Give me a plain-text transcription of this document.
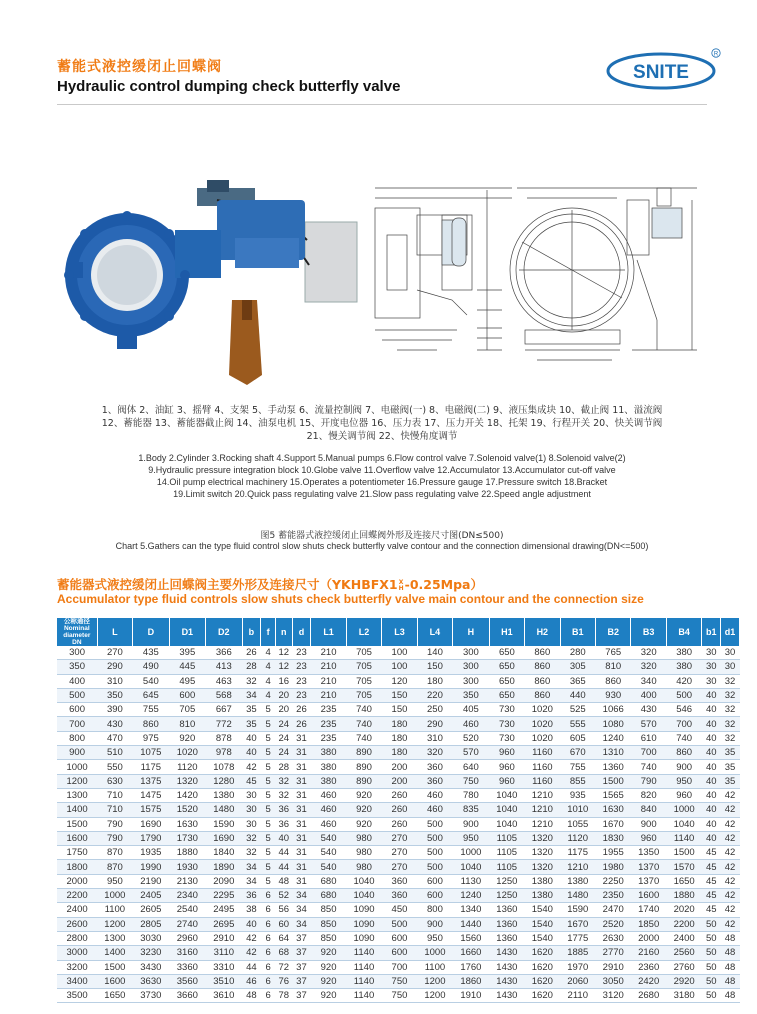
蓄能式液控缓闭止回蝶阀
Hydraulic control dumping check butterfly valve
SNITE
R
1、阀体 2、油缸 3、摇臂 4、支架 5、手动泵 6、流量控制阀 7、电磁阀(一) 8、电磁阀(二) 9、液压集成块 10、截止阀 11、溢流阀
12、蓄能器 13、蓄能器截止阀 14、油泵电机 15、开度电位器 16、压力表 17、压力开关 18、托架 19、行程开关 20、快关调节阀
21、慢关调节阀 22、快慢角度调节
1.Body 2.Cylinder 3.Rocking shaft 4.Support 5.Manual pumps 6.Flow control valve 7.Solenoid valve(1) 8.Solenoid valve(2)
9.Hydraulic pressure integration block 10.Globe valve 11.Overflow valve 12.Accumulator 13.Accumulator cut-off valve
14.Oil pump electrical machinery 15.Operates a potentiometer 16.Pressure gauge 17.Pressure switch 18.Bracket
19.Limit switch 20.Quick pass regulating valve 21.Slow pass regulating valve 22.Speed angle adjustment
图5 蓄能器式液控缓闭止回蝶阀外形及连接尺寸图(DN≤500)
Chart 5.Gathers can the type fluid control slow shuts check butterfly valve contour and the connection dimensional drawing(DN<=500)
蓄能器式液控缓闭止回蝶阀主要外形及连接尺寸（YKHBFX1 X
H -0.25Mpa）
Accumulator type fluid controls slow shuts check butterfly valve main contour and the connection size
公称通径
Nominal
diameter
DN	L	D	D1	D2	b	f	n	d	L1	L2	L3	L4	H	H1	H2	B1	B2	B3	B4	b1	d1
300	270	435	395	366	26	4	12	23	210	705	100	140	300	650	860	280	765	320	380	30	30
350	290	490	445	413	28	4	12	23	210	705	100	150	300	650	860	305	810	320	380	30	30
400	310	540	495	463	32	4	16	23	210	705	120	180	300	650	860	365	860	340	420	30	32
500	350	645	600	568	34	4	20	23	210	705	150	220	350	650	860	440	930	400	500	40	32
600	390	755	705	667	35	5	20	26	235	740	150	250	405	730	1020	525	1066	430	546	40	32
700	430	860	810	772	35	5	24	26	235	740	180	290	460	730	1020	555	1080	570	700	40	32
800	470	975	920	878	40	5	24	31	235	740	180	310	520	730	1020	605	1240	610	740	40	32
900	510	1075	1020	978	40	5	24	31	380	890	180	320	570	960	1160	670	1310	700	860	40	35
1000	550	1175	1120	1078	42	5	28	31	380	890	200	360	640	960	1160	755	1360	740	900	40	35
1200	630	1375	1320	1280	45	5	32	31	380	890	200	360	750	960	1160	855	1500	790	950	40	35
1300	710	1475	1420	1380	30	5	32	31	460	920	260	460	780	1040	1210	935	1565	820	960	40	42
1400	710	1575	1520	1480	30	5	36	31	460	920	260	460	835	1040	1210	1010	1630	840	1000	40	42
1500	790	1690	1630	1590	30	5	36	31	460	920	260	500	900	1040	1210	1055	1670	900	1040	40	42
1600	790	1790	1730	1690	32	5	40	31	540	980	270	500	950	1105	1320	1120	1830	960	1140	40	42
1750	870	1935	1880	1840	32	5	44	31	540	980	270	500	1000	1105	1320	1175	1955	1350	1500	45	42
1800	870	1990	1930	1890	34	5	44	31	540	980	270	500	1040	1105	1320	1210	1980	1370	1570	45	42
2000	950	2190	2130	2090	34	5	48	31	680	1040	360	600	1130	1250	1380	1380	2250	1370	1650	45	42
2200	1000	2405	2340	2295	36	6	52	34	680	1040	360	600	1240	1250	1380	1480	2350	1600	1880	45	42
2400	1100	2605	2540	2495	38	6	56	34	850	1090	450	800	1340	1360	1540	1590	2470	1740	2020	45	42
2600	1200	2805	2740	2695	40	6	60	34	850	1090	500	900	1440	1360	1540	1670	2520	1850	2200	50	42
2800	1300	3030	2960	2910	42	6	64	37	850	1090	600	950	1560	1360	1540	1775	2630	2000	2400	50	48
3000	1400	3230	3160	3110	42	6	68	37	920	1140	600	1000	1660	1430	1620	1885	2770	2160	2560	50	48
3200	1500	3430	3360	3310	44	6	72	37	920	1140	700	1100	1760	1430	1620	1970	2910	2360	2760	50	48
3400	1600	3630	3560	3510	46	6	76	37	920	1140	750	1200	1860	1430	1620	2060	3050	2420	2920	50	48
3500	1650	3730	3660	3610	48	6	78	37	920	1140	750	1200	1910	1430	1620	2110	3120	2680	3180	50	48
